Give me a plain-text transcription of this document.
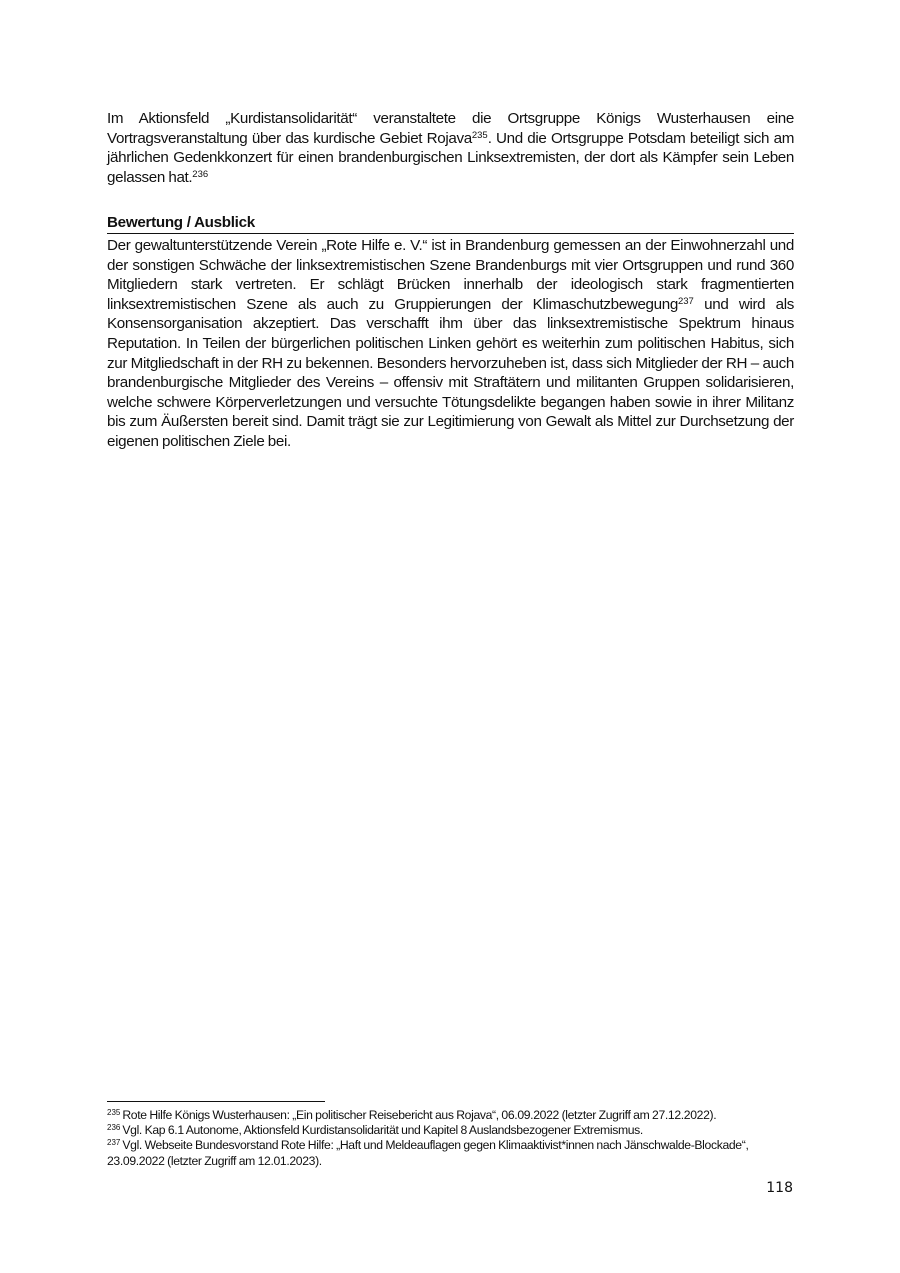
Im Aktionsfeld „Kurdistansolidarität“ veranstaltete die Ortsgruppe Königs Wusterhausen eine Vortragsveranstaltung über das kurdische Gebiet Rojava$^{235}$. Und die Ortsgruppe Potsdam beteiligt sich am jährlichen Gedenkkonzert für einen brandenburgischen Linksextremisten, der dort als Kämpfer sein Leben gelassen hat.$^{236}$

Bewertung / Ausblick

Der gewaltunterstützende Verein „Rote Hilfe e. V.“ ist in Brandenburg gemessen an der Einwohnerzahl und der sonstigen Schwäche der linksextremistischen Szene Brandenburgs mit vier Ortsgruppen und rund 360 Mitgliedern stark vertreten. Er schlägt Brücken innerhalb der ideologisch stark fragmentierten linksextremistischen Szene als auch zu Gruppierungen der Klimaschutzbewegung$^{237}$ und wird als Konsensorganisation akzeptiert. Das verschafft ihm über das linksextremistische Spektrum hinaus Reputation. In Teilen der bürgerlichen politischen Linken gehört es weiterhin zum politischen Habitus, sich zur Mitgliedschaft in der RH zu bekennen. Besonders hervorzuheben ist, dass sich Mitglieder der RH – auch brandenburgische Mitglieder des Vereins – offensiv mit Straftätern und militanten Gruppen solidarisieren, welche schwere Körperverletzungen und versuchte Tötungsdelikte begangen haben sowie in ihrer Militanz bis zum Äußersten bereit sind. Damit trägt sie zur Legitimierung von Gewalt als Mittel zur Durchsetzung der eigenen politischen Ziele bei.

$^{235}$ Rote Hilfe Königs Wusterhausen: „Ein politischer Reisebericht aus Rojava“, 06.09.2022 (letzter Zugriff am 27.12.2022).

$^{236}$ Vgl. Kap 6.1 Autonome, Aktionsfeld Kurdistansolidarität und Kapitel 8 Auslandsbezogener Extremismus.

$^{237}$ Vgl. Webseite Bundesvorstand Rote Hilfe: „Haft und Meldeauflagen gegen Klimaaktivist*innen nach Jänschwalde-Blockade“, 23.09.2022 (letzter Zugriff am 12.01.2023).

118
